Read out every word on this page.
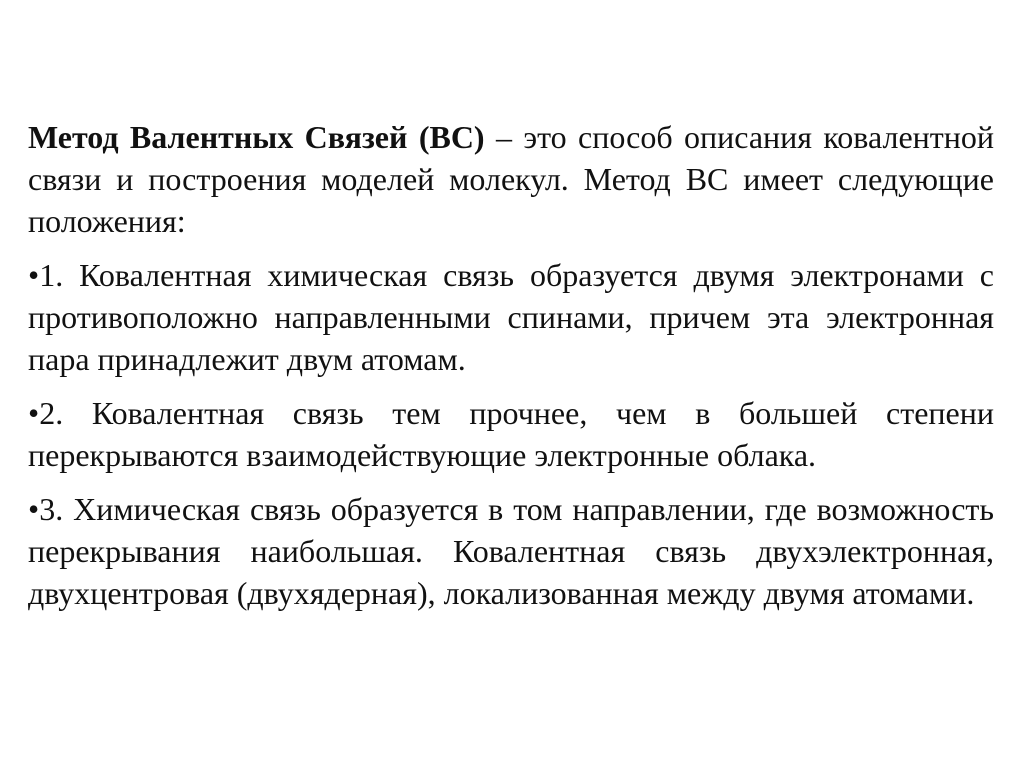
Метод Валентных Связей (ВС) – это способ описания ковалентной связи и построения моделей молекул. Метод ВС имеет следующие положения:

•1. Ковалентная химическая связь образуется двумя электронами с противоположно направленными спинами, причем эта электронная пара принадлежит двум атомам.

•2. Ковалентная связь тем прочнее, чем в большей степени перекрываются взаимодействующие электронные облака.

•3. Химическая связь образуется в том направлении, где возможность перекрывания наибольшая. Ковалентная связь двухэлектронная, двухцентровая (двухядерная), локализованная между двумя атомами.
